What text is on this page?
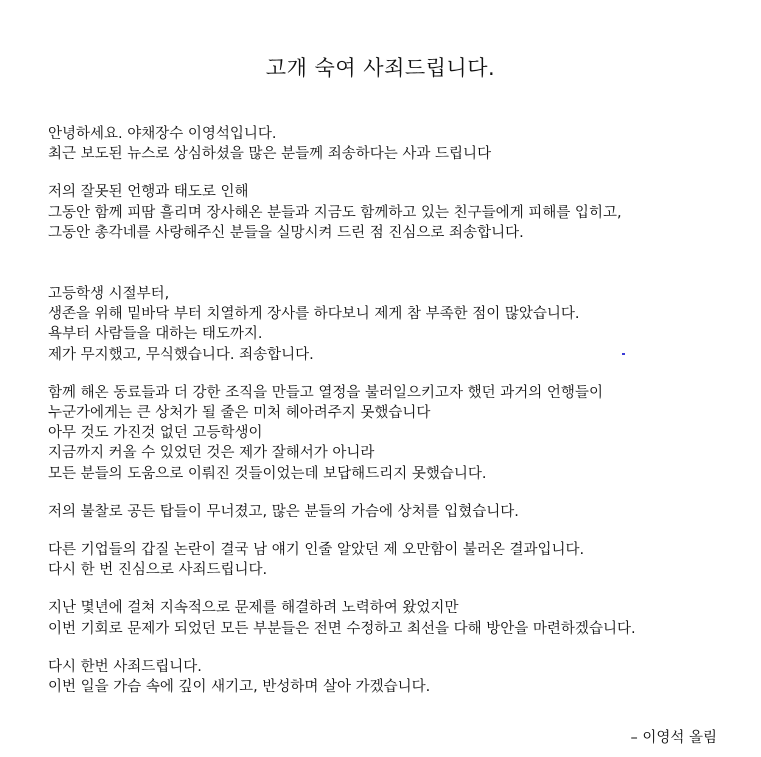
고개 숙여 사죄드립니다.
안녕하세요. 야채장수 이영석입니다.
최근 보도된 뉴스로 상심하셨을 많은 분들께 죄송하다는 사과 드립니다
저의 잘못된 언행과 태도로 인해
그동안 함께 피땀 흘리며 장사해온 분들과 지금도 함께하고 있는 친구들에게 피해를 입히고,
그동안 총각네를 사랑해주신 분들을 실망시켜 드린 점 진심으로 죄송합니다.
고등학생 시절부터,
생존을 위해 밑바닥 부터 치열하게 장사를 하다보니 제게 참 부족한 점이 많았습니다.
욕부터 사람들을 대하는 태도까지.
제가 무지했고, 무식했습니다. 죄송합니다.
함께 해온 동료들과 더 강한 조직을 만들고 열정을 불러일으키고자 했던 과거의 언행들이
누군가에게는 큰 상처가 될 줄은 미처 헤아려주지 못했습니다
아무 것도 가진것 없던 고등학생이
지금까지 커올 수 있었던 것은 제가 잘해서가 아니라
모든 분들의 도움으로 이뤄진 것들이었는데 보답해드리지 못했습니다.
저의 불찰로 공든 탑들이 무너졌고, 많은 분들의 가슴에 상처를 입혔습니다.
다른 기업들의 갑질 논란이 결국 남 얘기 인줄 알았던 제 오만함이 불러온 결과입니다.
다시 한 번 진심으로 사죄드립니다.
지난 몇년에 걸쳐 지속적으로 문제를 해결하려 노력하여 왔었지만
이번 기회로 문제가 되었던 모든 부분들은 전면 수정하고 최선을 다해 방안을 마련하겠습니다.
다시 한번 사죄드립니다.
이번 일을 가슴 속에 깊이 새기고, 반성하며 살아 가겠습니다.
– 이영석 올림
